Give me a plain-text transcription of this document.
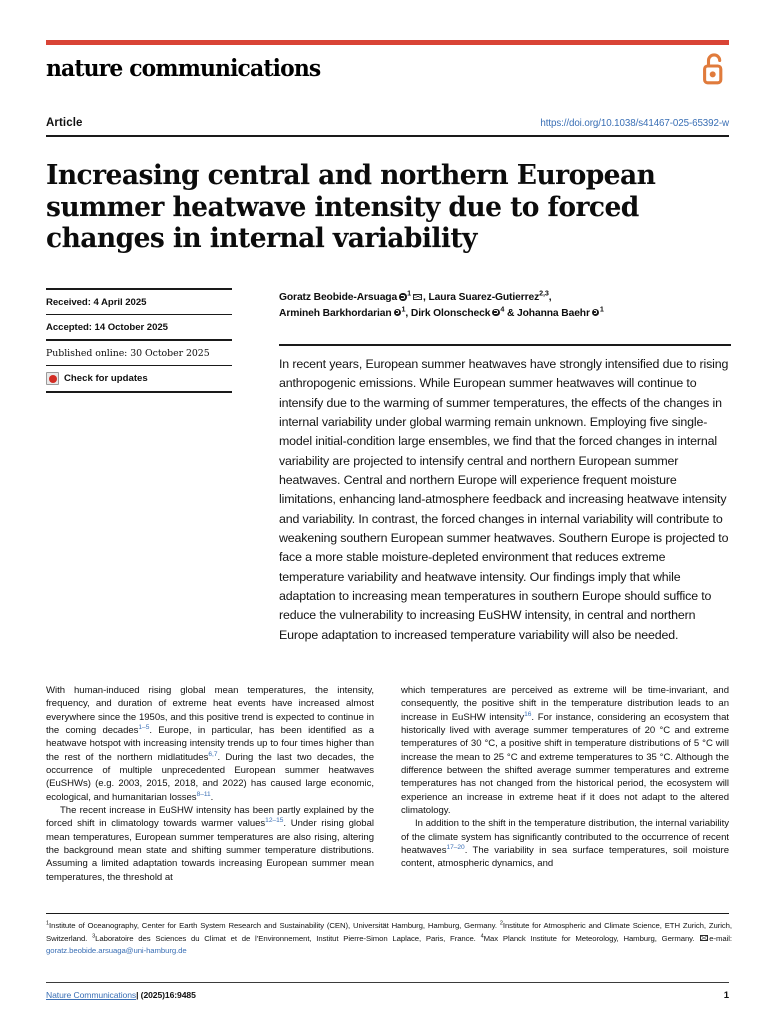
nature communications
Article	https://doi.org/10.1038/s41467-025-65392-w
Increasing central and northern European summer heatwave intensity due to forced changes in internal variability
Received: 4 April 2025
Accepted: 14 October 2025
Published online: 30 October 2025
Check for updates
Goratz Beobide-Arsuaga $^1$ , Laura Suarez-Gutierrez$^{2,3}$,
Armineh Barkhordarian $^1$, Dirk Olonscheck $^4$ & Johanna Baehr $^1$
In recent years, European summer heatwaves have strongly intensified due to rising anthropogenic emissions. While European summer heatwaves will continue to intensify due to the warming of summer temperatures, the effects of the changes in internal variability under global warming remain unknown. Employing five single-model initial-condition large ensembles, we find that the forced changes in internal variability are projected to intensify central and northern European summer heatwaves. Central and northern Europe will experience frequent moisture limitations, enhancing land-atmosphere feedback and increasing heatwave intensity and variability. In contrast, the forced changes in internal variability will contribute to weakening southern European summer heatwaves. Southern Europe is projected to face a more stable moisture-depleted environment that reduces extreme temperature variability and heatwave intensity. Our findings imply that while adaptation to increasing mean temperatures in southern Europe should suffice to reduce the vulnerability to increasing EuSHW intensity, in central and northern Europe adaptation to increased temperature variability will also be needed.

With human-induced rising global mean temperatures, the intensity, frequency, and duration of extreme heat events have increased almost everywhere since the 1950s, and this positive trend is expected to continue in the coming decades$^{1-5}$. Europe, in particular, has been identified as a heatwave hotspot with increasing intensity trends up to four times higher than the rest of the northern midlatitudes$^{6,7}$. During the last two decades, the occurrence of multiple unprecedented European summer heatwaves (EuSHWs) (e.g. 2003, 2015, 2018, and 2022) has caused large economic, ecological, and humanitarian losses$^{8-11}$.

The recent increase in EuSHW intensity has been partly explained by the forced shift in climatology towards warmer values$^{12-15}$. Under rising global mean temperatures, European summer temperatures are also rising, altering the background mean state and shifting summer temperature distributions. Assuming a limited adaptation towards increasing European summer mean temperatures, the threshold at

which temperatures are perceived as extreme will be time-invariant, and consequently, the positive shift in the temperature distribution leads to an increase in EuSHW intensity$^{16}$. For instance, considering an ecosystem that historically lived with average summer temperatures of 20 °C and extreme temperatures of 30 °C, a positive shift in temperature distributions of 5 °C will increase the mean to 25 °C and extreme temperatures to 35 °C. Although the difference between the shifted average summer temperatures and extreme temperatures has not changed from the historical period, the ecosystem will experience an increase in extreme heat if it does not adapt to the altered climatology.

In addition to the shift in the temperature distribution, the internal variability of the climate system has significantly contributed to the occurrence of recent heatwaves$^{17-20}$. The variability in sea surface temperatures, soil moisture content, atmospheric dynamics, and

$^1$Institute of Oceanography, Center for Earth System Research and Sustainability (CEN), Universität Hamburg, Hamburg, Germany. $^2$Institute for Atmospheric and Climate Science, ETH Zurich, Zurich, Switzerland. $^3$Laboratoire des Sciences du Climat et de l’Environnement, Institut Pierre-Simon Laplace, Paris, France. $^4$Max Planck Institute for Meteorology, Hamburg, Germany. e-mail: goratz.beobide.arsuaga@uni-hamburg.de
Nature Communications| (2025)16:9485	1
